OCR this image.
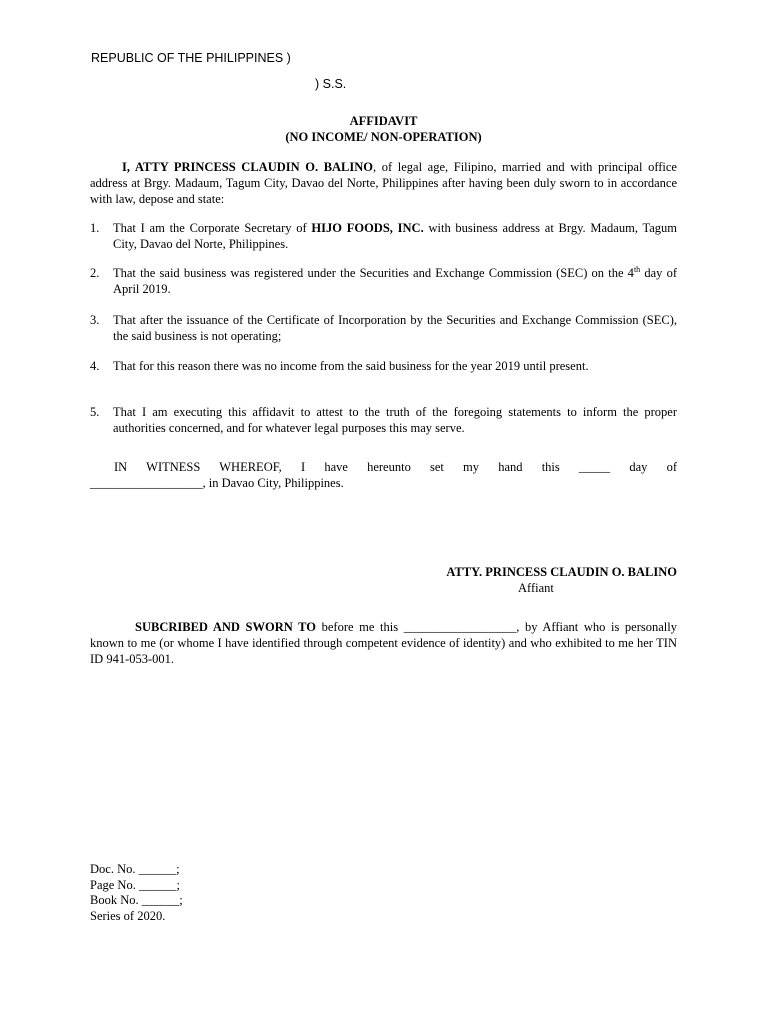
REPUBLIC OF THE PHILIPPINES )
) S.S.
AFFIDAVIT
(NO INCOME/ NON-OPERATION)
I, ATTY PRINCESS CLAUDIN O. BALINO, of legal age, Filipino, married and with principal office address at Brgy. Madaum, Tagum City, Davao del Norte, Philippines after having been duly sworn to in accordance with law, depose and state:
1.	That I am the Corporate Secretary of HIJO FOODS, INC. with business address at Brgy. Madaum, Tagum City, Davao del Norte, Philippines.
2.	That the said business was registered under the Securities and Exchange Commission (SEC) on the 4th day of April 2019.
3.	That after the issuance of the Certificate of Incorporation by the Securities and Exchange Commission (SEC), the said business is not operating;
4.	That for this reason there was no income from the said business for the year 2019 until present.
5.	That I am executing this affidavit to attest to the truth of the foregoing statements to inform the proper authorities concerned, and for whatever legal purposes this may serve.
IN WITNESS WHEREOF, I have hereunto set my hand this _____ day of
__________________, in Davao City, Philippines.
ATTY. PRINCESS CLAUDIN O. BALINO
Affiant
SUBCRIBED AND SWORN TO before me this __________________, by Affiant who is personally known to me (or whome I have identified through competent evidence of identity) and who exhibited to me her TIN ID 941-053-001.
Doc. No. ______;
Page No. ______;
Book No. ______;
Series of 2020.
